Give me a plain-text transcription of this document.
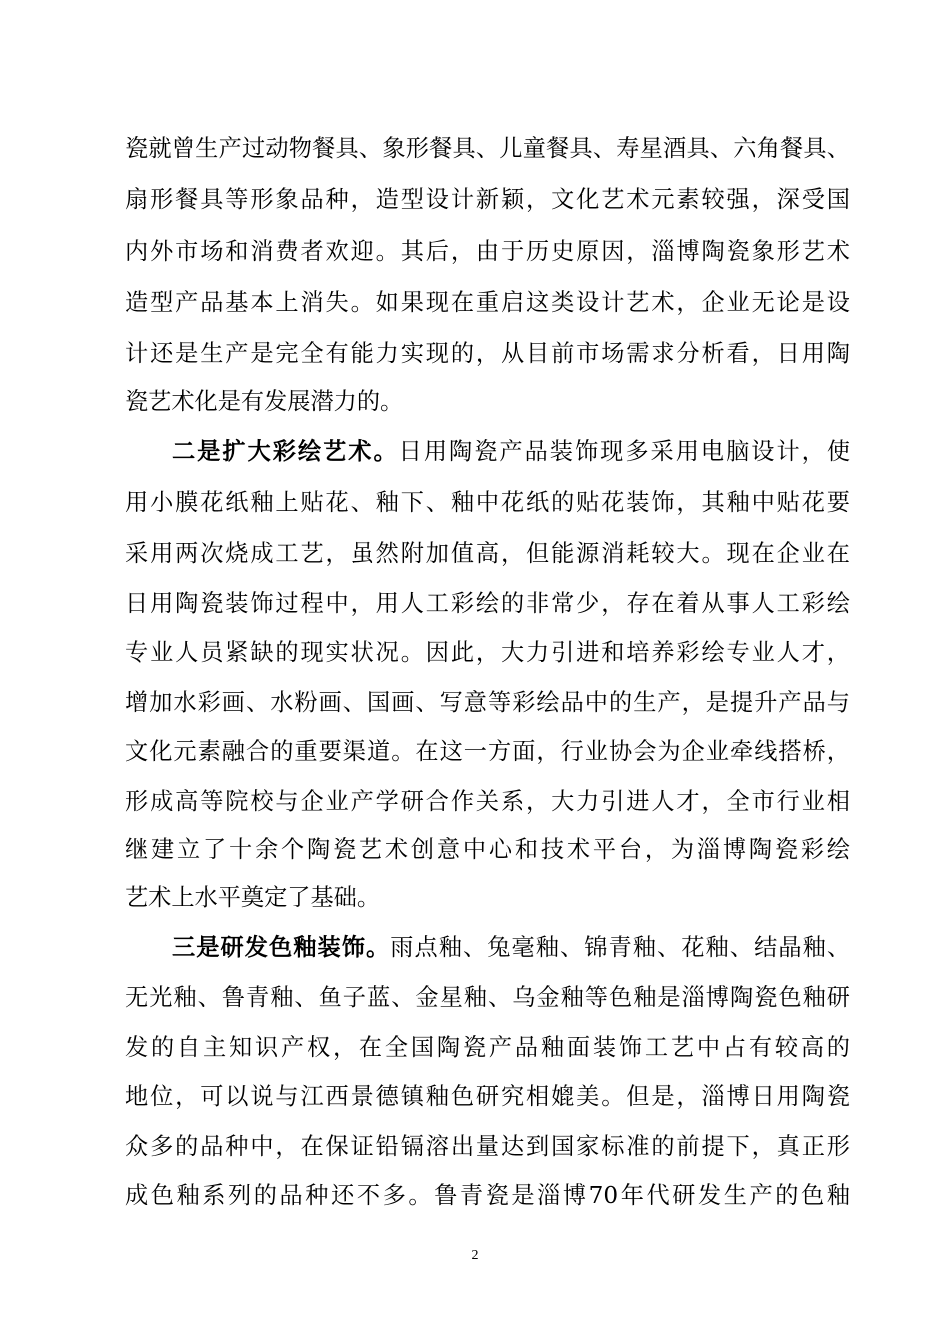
瓷就曾生产过动物餐具、象形餐具、儿童餐具、寿星酒具、六角餐具、
扇形餐具等形象品种，造型设计新颖，文化艺术元素较强，深受国
内外市场和消费者欢迎。其后，由于历史原因，淄博陶瓷象形艺术
造型产品基本上消失。如果现在重启这类设计艺术，企业无论是设
计还是生产是完全有能力实现的，从目前市场需求分析看，日用陶
瓷艺术化是有发展潜力的。
二是扩大彩绘艺术。日用陶瓷产品装饰现多采用电脑设计，使
用小膜花纸釉上贴花、釉下、釉中花纸的贴花装饰，其釉中贴花要
采用两次烧成工艺，虽然附加值高，但能源消耗较大。现在企业在
日用陶瓷装饰过程中，用人工彩绘的非常少，存在着从事人工彩绘
专业人员紧缺的现实状况。因此，大力引进和培养彩绘专业人才，
增加水彩画、水粉画、国画、写意等彩绘品中的生产，是提升产品与
文化元素融合的重要渠道。在这一方面，行业协会为企业牵线搭桥，
形成高等院校与企业产学研合作关系，大力引进人才，全市行业相
继建立了十余个陶瓷艺术创意中心和技术平台，为淄博陶瓷彩绘
艺术上水平奠定了基础。
三是研发色釉装饰。雨点釉、兔毫釉、锦青釉、花釉、结晶釉、
无光釉、鲁青釉、鱼子蓝、金星釉、乌金釉等色釉是淄博陶瓷色釉研
发的自主知识产权，在全国陶瓷产品釉面装饰工艺中占有较高的
地位，可以说与江西景德镇釉色研究相媲美。但是，淄博日用陶瓷
众多的品种中，在保证铅镉溶出量达到国家标准的前提下，真正形
成色釉系列的品种还不多。鲁青瓷是淄博70年代研发生产的色釉
2
